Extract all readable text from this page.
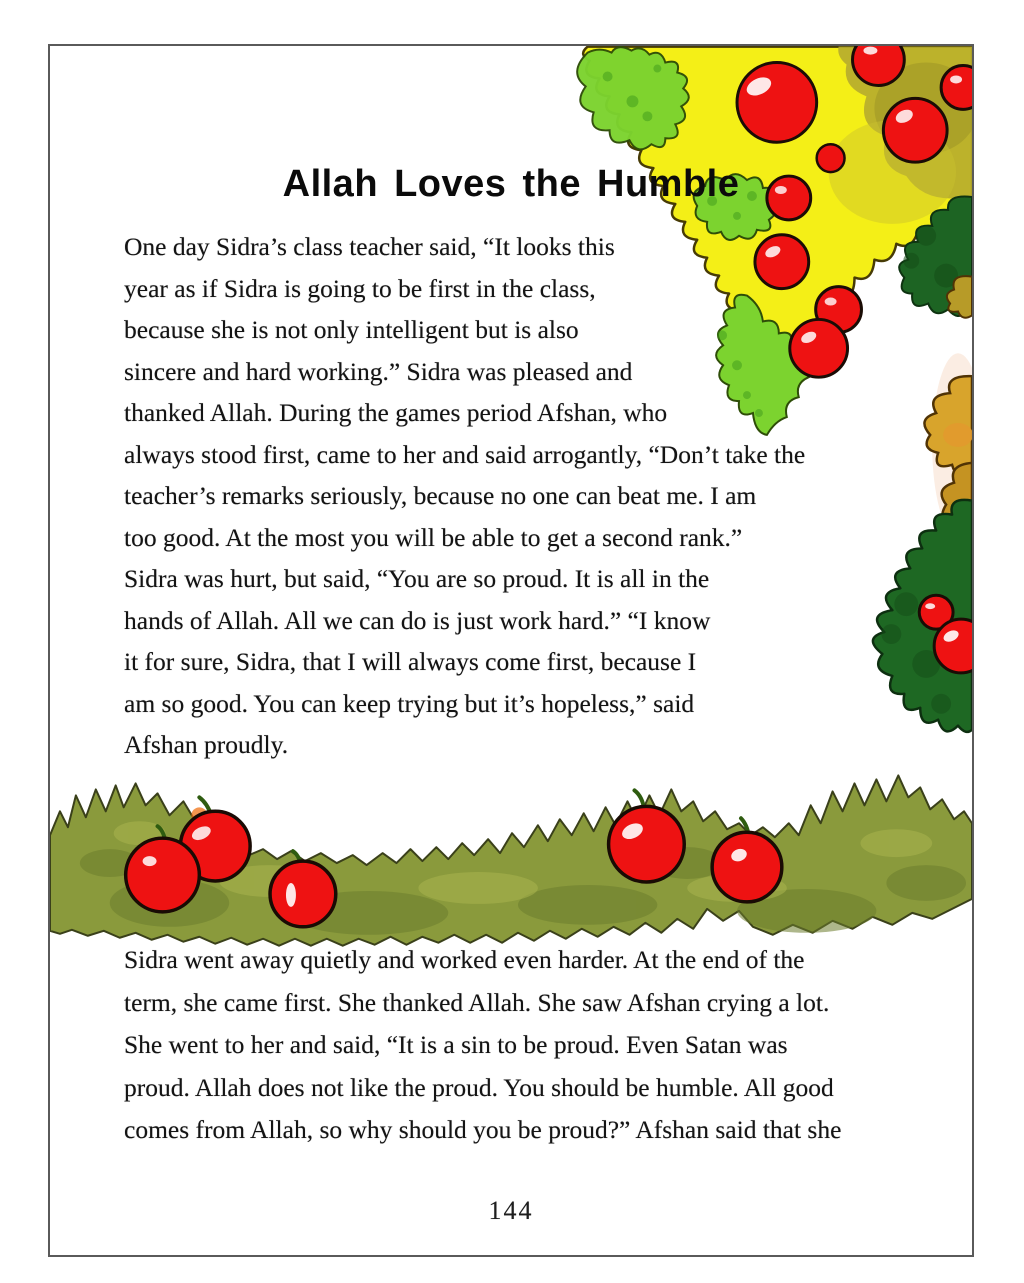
Allah Loves the Humble
One day Sidra’s class teacher said, “It looks this
year as if Sidra is going to be first in the class,
because she is not only intelligent but is also
sincere and hard working.” Sidra was pleased and
thanked Allah. During the games period Afshan, who
always stood first, came to her and said arrogantly, “Don’t take the
teacher’s remarks seriously, because no one can beat me. I am
too good. At the most you will be able to get a second rank.”
Sidra was hurt, but said, “You are so proud. It is all in the
hands of Allah. All we can do is just work hard.” “I know
it for sure, Sidra, that I will always come first, because I
am so good. You can keep trying but it’s hopeless,” said
Afshan proudly.
Sidra went away quietly and worked even harder. At the end of the
term, she came first. She thanked Allah. She saw Afshan crying a lot.
She went to her and said, “It is a sin to be proud. Even Satan was
proud. Allah does not like the proud. You should be humble. All good
comes from Allah, so why should you be proud?” Afshan said that she
144
